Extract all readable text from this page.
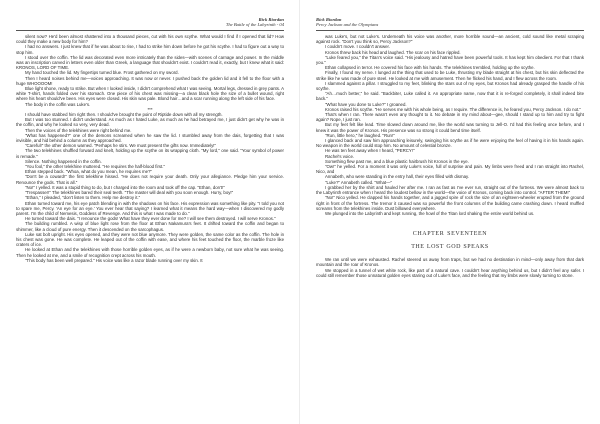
Rick Riordan
The Battle of the Labyrinth - 04

silent now? He'd been almost shattered into a thousand pieces, cut with his own scythe. What would I find if I opened that lid? How could they make a new body for him?

I had no answers. I just knew that if he was about to rise, I had to strike him down before he got his scythe. I had to figure out a way to stop him.

I stood over the coffin. The lid was decorated even more intricately than the sides—with scenes of carnage and power. In the middle was an inscription carved in letters even older than Greek, a language that shouldn't exist. I couldn't read it, exactly, but I knew what it said: KRONOS, LORD OF TIME.

My hand touched the lid. My fingertips turned blue. Frost gathered on my sword.

Then I heard noises behind me—voices approaching. It was now or never. I pushed back the golden lid and it fell to the floor with a huge WHOOOOM!

Blue light shone, ready to strike. But when I looked inside, I didn't comprehend what I was seeing. Mortal legs, dressed in grey pants. A white T-shirt, hands folded over his stomach. One piece of his chest was missing—a clean black hole the size of a bullet wound, right where his heart should've been. His eyes were closed. His skin was pale. Blond hair…and a scar running along the left side of his face.

The body in the coffin was Luke's.

***

I should have stabbed him right then. I should've brought the point of Riptide down with all my strength.

But I was too stunned. I didn't understand. As much as I hated Luke, as much as he had betrayed me, I just didn't get why he was in the coffin, and why he looked so very, very dead.

Then the voices of the telekhines were right behind me.

"What has happened?" one of the demons screamed when he saw the lid. I stumbled away from the dais, forgetting that I was invisible, and hid behind a column as they approached.

"Careful!" the other demon warned. "Perhaps he stirs. We must present the gifts now. Immediately!"

The two telekhines shuffled forward and knelt, holding up the scythe on its wrapping cloth. "My lord," one said. "Your symbol of power is remade."

Silence. Nothing happened in the coffin.

"You fool," the other telekhine muttered. "He requires the half-blood first."

Ethan stepped back. "Whoa, what do you mean, he requires me?"

"Don't be a coward!" the first telekhine hissed. "He does not require your death. Only your allegiance. Pledge him your service. Renounce the gods. That is all."

"No!" I yelled. It was a stupid thing to do, but I charged into the room and took off the cap. "Ethan, don't!"

"Trespasser!" The telekhines bared their seal teeth. "The master will deal with you soon enough. Hurry, boy!"

"Ethan," I pleaded, "don't listen to them. Help me destroy it."

Ethan turned toward me, his eye patch blending in with the shadows on his face. His expression was something like pity. "I told you not to spare me, Percy. 'An eye for an eye.' You ever hear that saying? I learned what it means the hard way—when I discovered my godly parent. I'm the child of Nemesis, Goddess of Revenge. And this is what I was made to do."

He turned toward the dais. "I renounce the gods! What have they ever done for me? I will see them destroyed. I will serve Kronos."

The building rumbled. A wisp of blue light rose from the floor at Ethan Nakamura's feet. It drifted toward the coffin and began to shimmer, like a cloud of pure energy. Then it descended on the sarcophagus.

Luke sat bolt upright. His eyes opened, and they were not blue anymore. They were golden, the same color as the coffin. The hole in his chest was gone. He was complete. He leaped out of the coffin with ease, and where his feet touched the floor, the marble froze like craters of ice.

He looked at Ethan and the telekhines with those horrible golden eyes, as if he were a newborn baby, not sure what he was seeing. Then he looked at me, and a smile of recognition crept across his mouth.

"This body has been well prepared." His voice was like a razor blade running over my skin. It

Rick Riordan
Percy Jackson and the Olympians

was Luke's, but not Luke's. Underneath his voice was another, more horrible sound—an ancient, cold sound like metal scraping against rock. "Don't you think so, Percy Jackson?"

I couldn't move. I couldn't answer.

Kronos threw back his head and laughed. The scar on his face rippled.

"Luke feared you," the Titan's voice said. "His jealousy and hatred have been powerful tools. It has kept him obedient. For that I thank you."

Ethan collapsed in terror. He covered his face with his hands. The telekhines trembled, holding up the scythe.

Finally, I found my nerve. I lunged at the thing that used to be Luke, thrusting my blade straight at his chest, but his skin deflected the strike like he was made of pure steel. He looked at me with amusement. Then he flicked his hand, and I flew across the room.

I slammed against a pillar. I struggled to my feet, blinking the stars out of my eyes, but Kronos had already grasped the handle of his scythe.

"Ah…much better," he said. "Backbiter, Luke called it. An appropriate name, now that it is re-forged completely, it shall indeed bite back."

"What have you done to Luke?" I groaned.

Kronos raised his scythe. "He serves me with his whole being, as I require. The difference is, he feared you, Percy Jackson. I do not."

That's when I ran. There wasn't even any thought to it. No debate in my mind about—gee, should I stand up to him and try to fight again? Nope, I just ran.

But my feet felt like lead. Time slowed down around me, like the world was turning to Jell-O. I'd had this feeling once before, and I knew it was the power of Kronos. His presence was so strong it could bend time itself.

"Run, little hero," he laughed. "Run!"

I glanced back and saw him approaching leisurely, swinging his scythe as if he were enjoying the feel of having it in his hands again. No weapon in the world could stop him. No amount of celestial bronze.

He was ten feet away when I heard, "PERCY!"

Rachel's voice.

Something flew past me, and a blue plastic hairbrush hit Kronos in the eye.

"Ow!" he yelled. For a moment it was only Luke's voice, full of surprise and pain. My limbs were freed and I ran straight into Rachel, Nico, and

Annabeth, who were standing in the entry hall, their eyes filled with dismay.

"Luke?" Annabeth called. "What—"

I grabbed her by the shirt and hauled her after me. I ran as fast as I've ever run, straight out of the fortress. We were almost back to the Labyrinth entrance when I heard the loudest bellow in the world—the voice of Kronos, coming back into control. "AFTER THEM!"

"No!" Nico yelled. He clapped his hands together, and a jagged spire of rock the size of an eighteen-wheeler erupted from the ground right in front of the fortress. The tremor it caused was so powerful the front columns of the building came crashing down. I heard muffled screams from the telekhines inside. Dust billowed everywhere.

We plunged into the Labyrinth and kept running, the howl of the Titan lord shaking the entire world behind us.

chapter seventeen
the lost god speaks

We ran until we were exhausted. Rachel steered us away from traps, but we had no destination in mind—only away from that dark mountain and the roar of Kronos.

We stopped in a tunnel of wet white rock, like part of a natural cave. I couldn't hear anything behind us, but I didn't feel any safer. I could still remember those unnatural golden eyes staring out of Luke's face, and the feeling that my limbs were slowly turning to stone.
